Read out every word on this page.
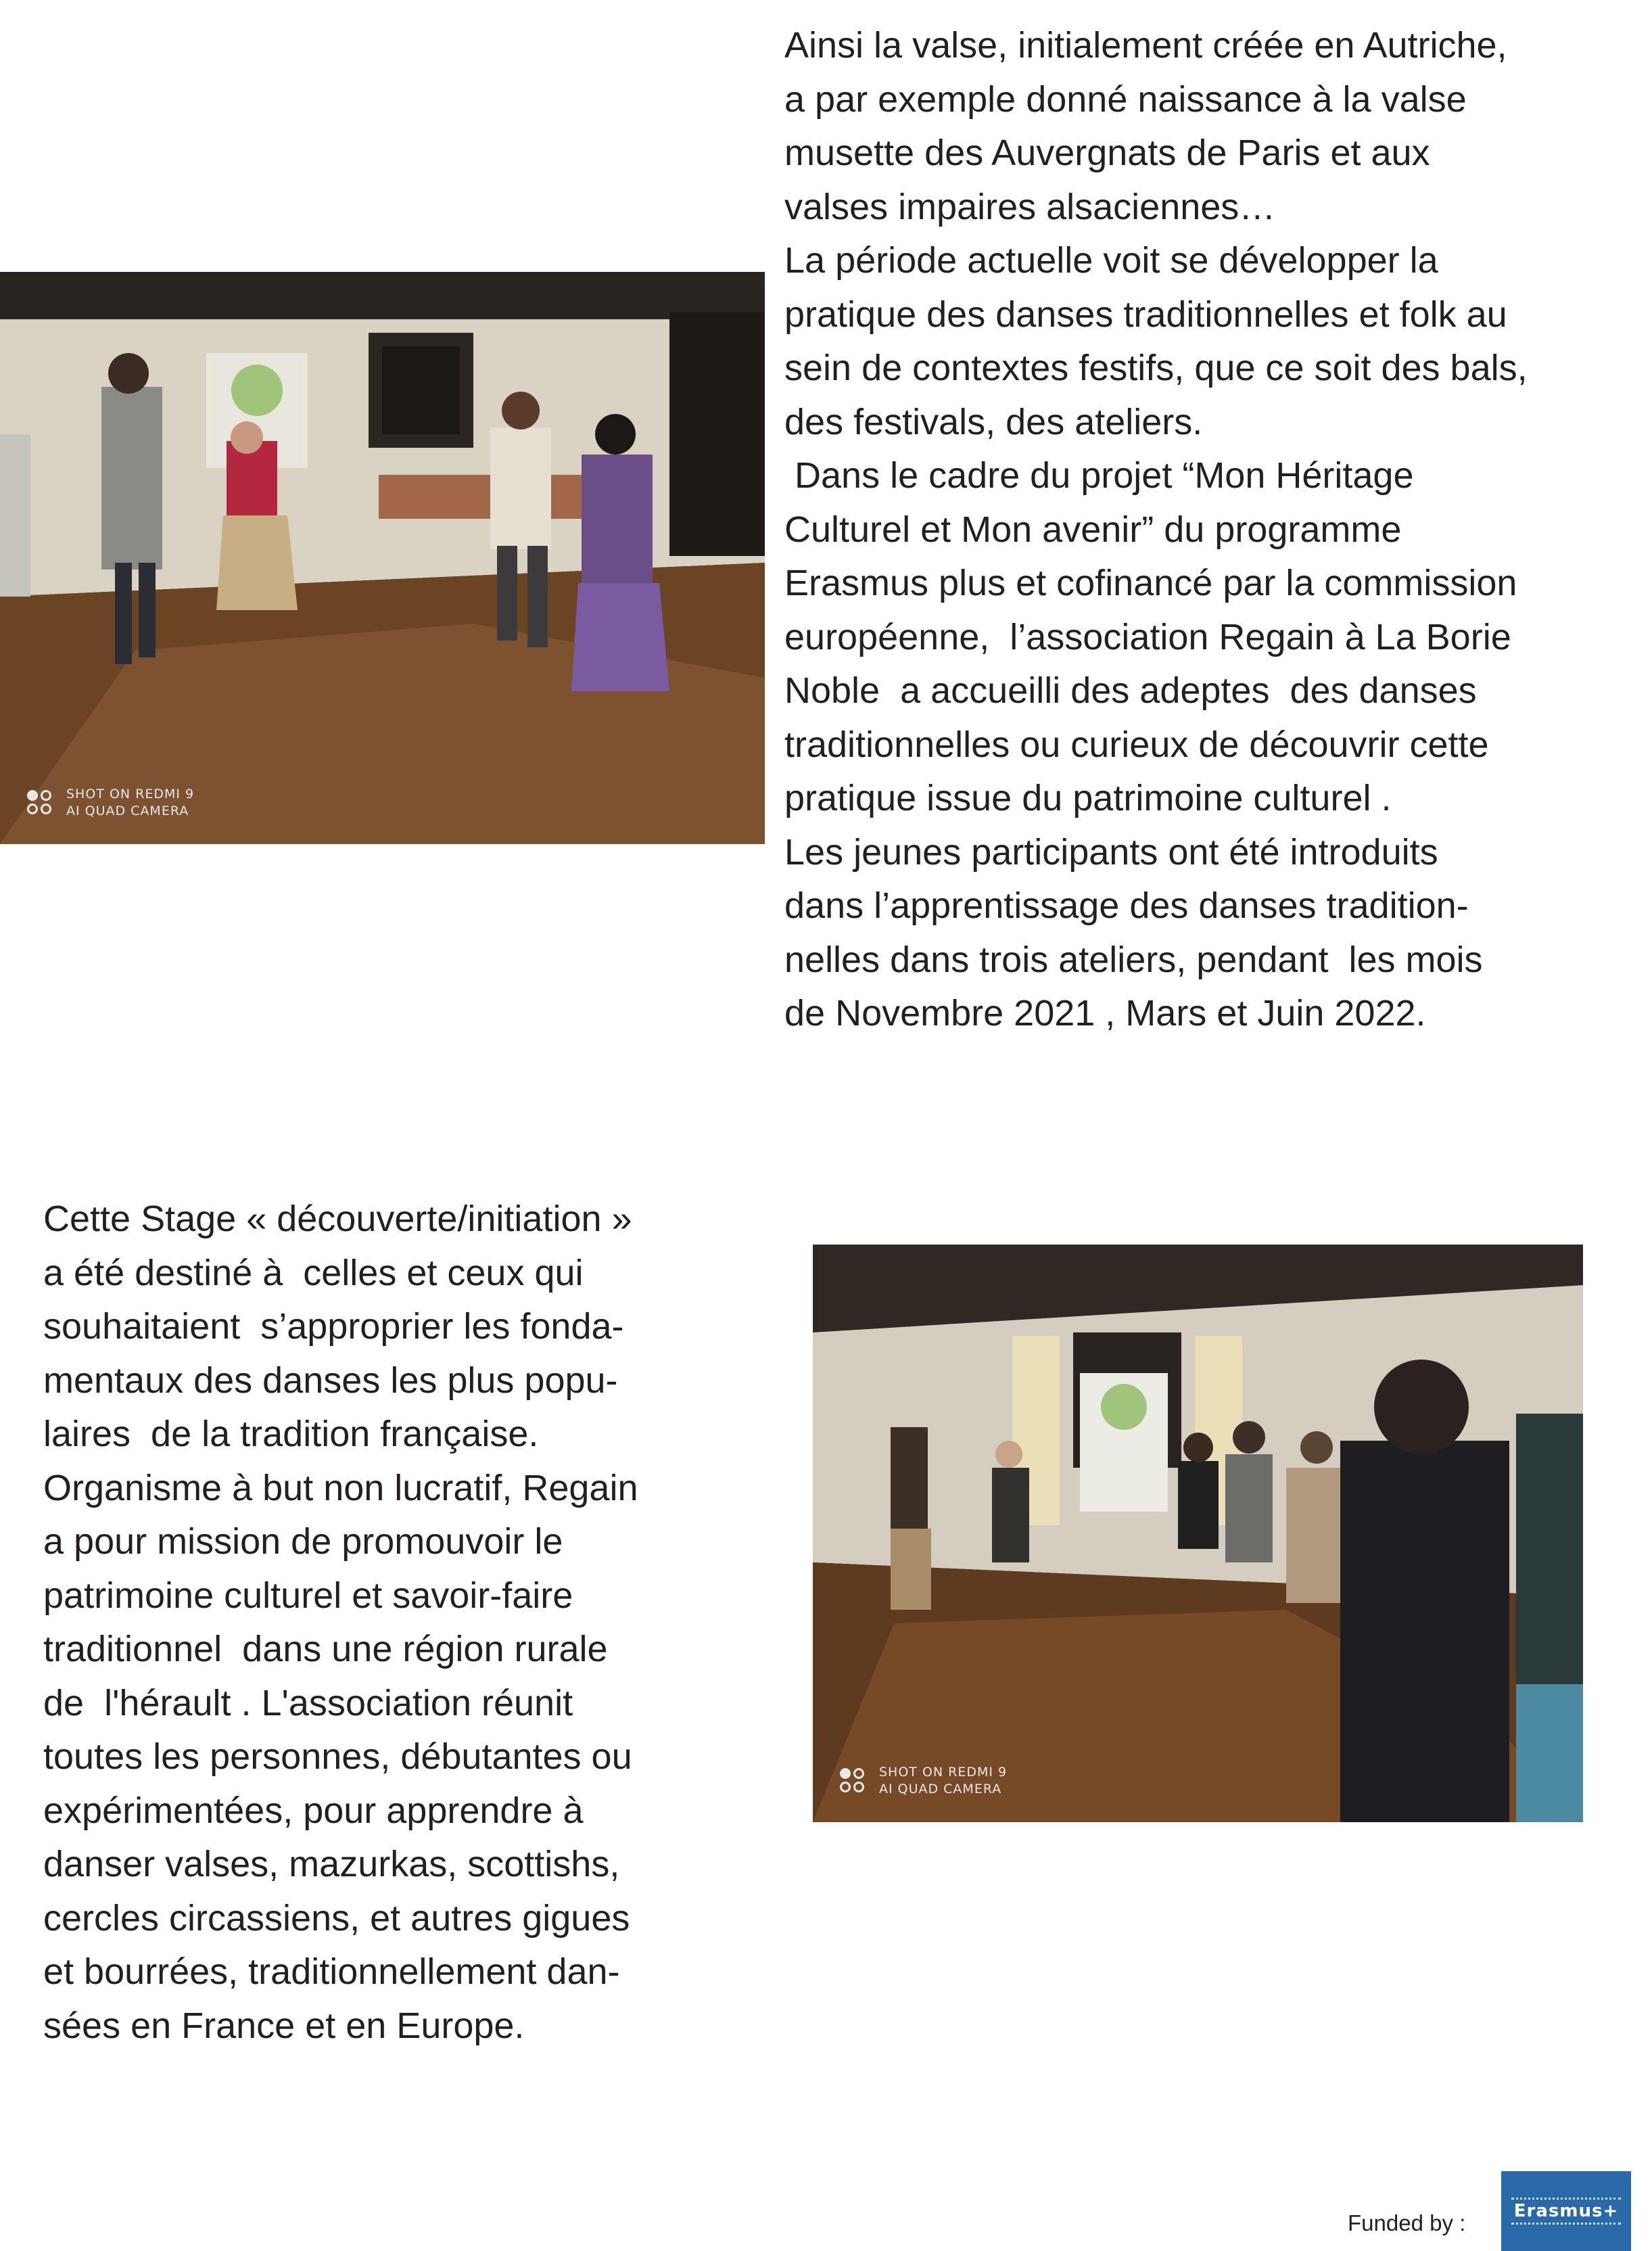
Ainsi la valse, initialement créée en Autriche,
a par exemple donné naissance à la valse
musette des Auvergnats de Paris et aux
valses impaires alsaciennes…
La période actuelle voit se développer la
pratique des danses traditionnelles et folk au
sein de contextes festifs, que ce soit des bals,
des festivals, des ateliers.
Dans le cadre du projet “Mon Héritage
Culturel et Mon avenir” du programme
Erasmus plus et cofinancé par la commission
européenne,  l’association Regain à La Borie
Noble  a accueilli des adeptes  des danses
traditionnelles ou curieux de découvrir cette
pratique issue du patrimoine culturel .
Les jeunes participants ont été introduits
dans l’apprentissage des danses tradition-
nelles dans trois ateliers, pendant  les mois
de Novembre 2021 , Mars et Juin 2022.
SHOT ON REDMI 9
AI QUAD CAMERA
Cette Stage « découverte/initiation »
a été destiné à  celles et ceux qui
souhaitaient  s’approprier les fonda-
mentaux des danses les plus popu-
laires  de la tradition française.
Organisme à but non lucratif, Regain
a pour mission de promouvoir le
patrimoine culturel et savoir-faire
traditionnel  dans une région rurale
de  l'hérault . L'association réunit
toutes les personnes, débutantes ou
expérimentées, pour apprendre à
danser valses, mazurkas, scottishs,
cercles circassiens, et autres gigues
et bourrées, traditionnellement dan-
sées en France et en Europe.
SHOT ON REDMI 9
AI QUAD CAMERA
Funded by :	Erasmus+
